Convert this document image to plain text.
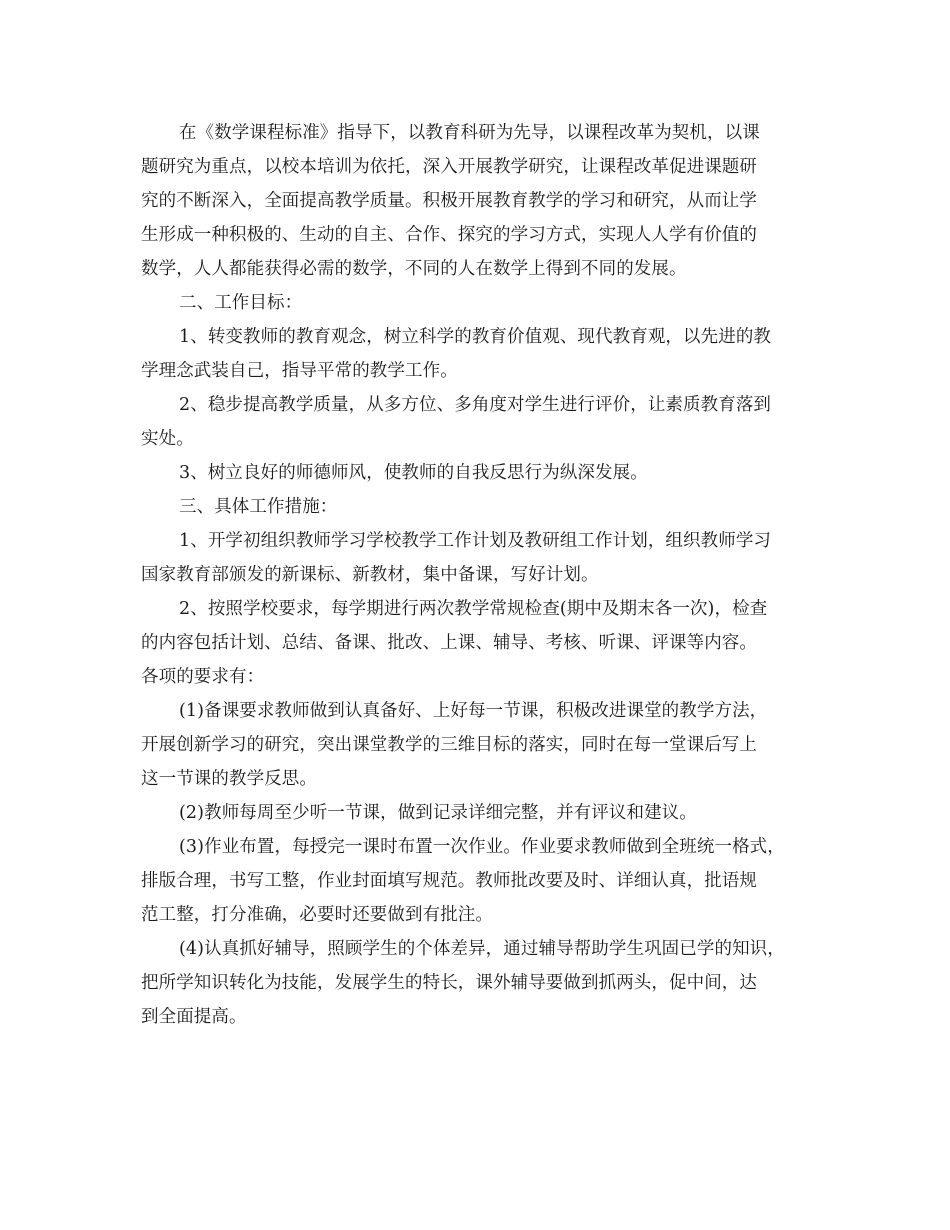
在《数学课程标准》指导下，以教育科研为先导，以课程改革为契机，以课
题研究为重点，以校本培训为依托，深入开展教学研究，让课程改革促进课题研
究的不断深入，全面提高教学质量。积极开展教育教学的学习和研究，从而让学
生形成一种积极的、生动的自主、合作、探究的学习方式，实现人人学有价值的
数学，人人都能获得必需的数学，不同的人在数学上得到不同的发展。
二、工作目标：
1、转变教师的教育观念，树立科学的教育价值观、现代教育观，以先进的教
学理念武装自己，指导平常的教学工作。
2、稳步提高教学质量，从多方位、多角度对学生进行评价，让素质教育落到
实处。
3、树立良好的师德师风，使教师的自我反思行为纵深发展。
三、具体工作措施：
1、开学初组织教师学习学校教学工作计划及教研组工作计划，组织教师学习
国家教育部颁发的新课标、新教材，集中备课，写好计划。
2、按照学校要求，每学期进行两次教学常规检查(期中及期末各一次)，检查
的内容包括计划、总结、备课、批改、上课、辅导、考核、听课、评课等内容。
各项的要求有：
(1)备课要求教师做到认真备好、上好每一节课，积极改进课堂的教学方法，
开展创新学习的研究，突出课堂教学的三维目标的落实，同时在每一堂课后写上
这一节课的教学反思。
(2)教师每周至少听一节课，做到记录详细完整，并有评议和建议。
(3)作业布置，每授完一课时布置一次作业。作业要求教师做到全班统一格式，
排版合理，书写工整，作业封面填写规范。教师批改要及时、详细认真，批语规
范工整，打分准确，必要时还要做到有批注。
(4)认真抓好辅导，照顾学生的个体差异，通过辅导帮助学生巩固已学的知识，
把所学知识转化为技能，发展学生的特长，课外辅导要做到抓两头，促中间，达
到全面提高。
